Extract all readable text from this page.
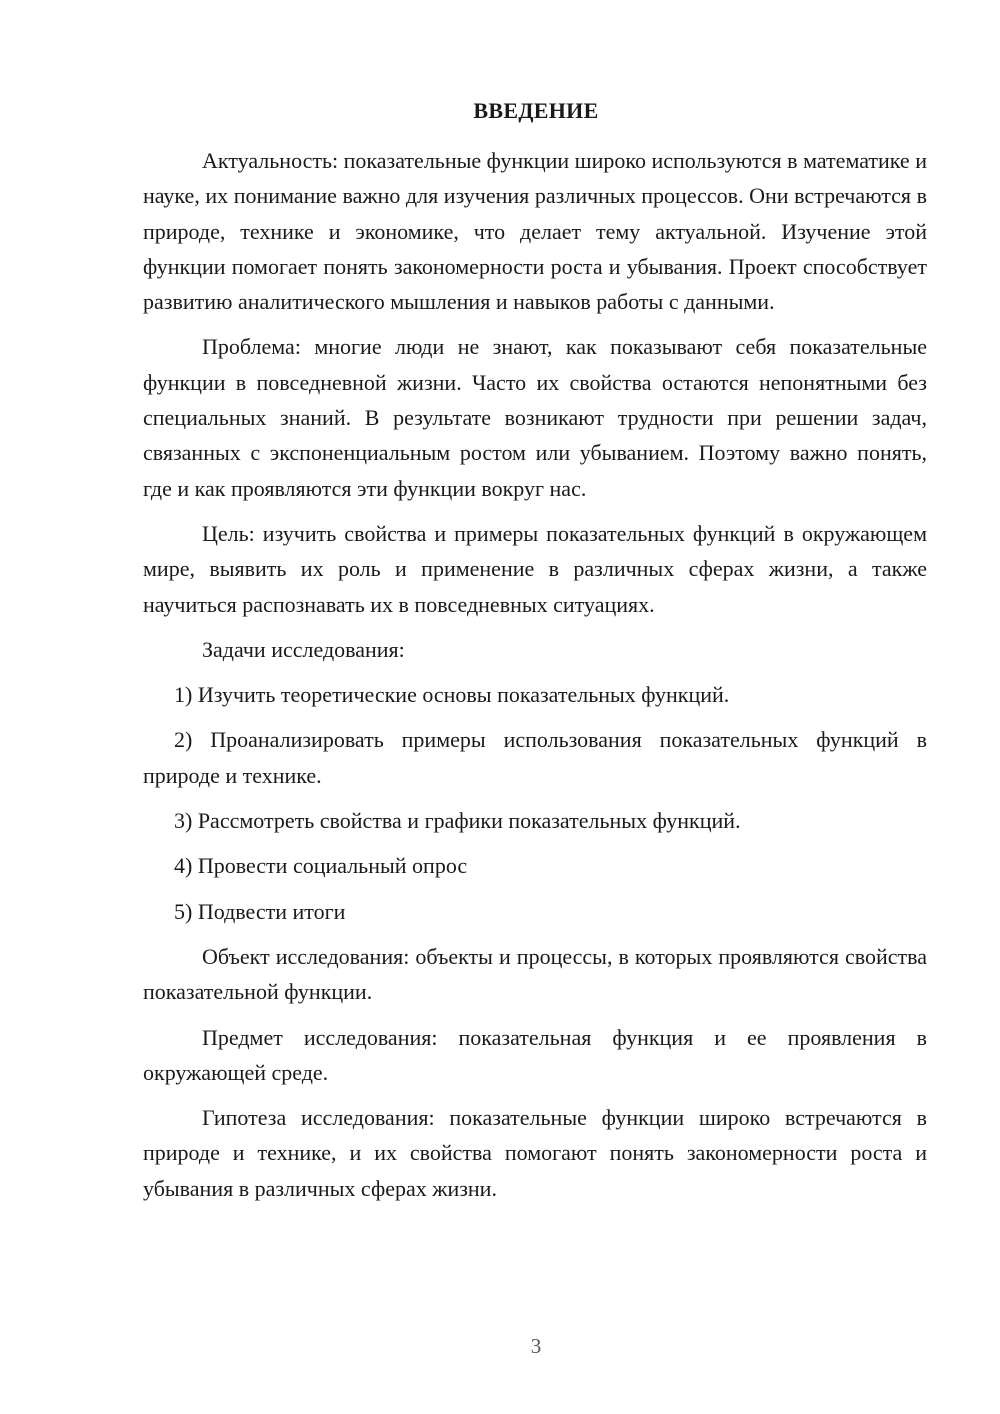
ВВЕДЕНИЕ

Актуальность: показательные функции широко используются в математике и науке, их понимание важно для изучения различных процессов. Они встречаются в природе, технике и экономике, что делает тему актуальной. Изучение этой функции помогает понять закономерности роста и убывания. Проект способствует развитию аналитического мышления и навыков работы с данными.

Проблема: многие люди не знают, как показывают себя показательные функции в повседневной жизни. Часто их свойства остаются непонятными без специальных знаний. В результате возникают трудности при решении задач, связанных с экспоненциальным ростом или убыванием. Поэтому важно понять, где и как проявляются эти функции вокруг нас.

Цель: изучить свойства и примеры показательных функций в окружающем мире, выявить их роль и применение в различных сферах жизни, а также научиться распознавать их в повседневных ситуациях.

Задачи исследования:

1) Изучить теоретические основы показательных функций.

2) Проанализировать примеры использования показательных функций в природе и технике.

3) Рассмотреть свойства и графики показательных функций.

4) Провести социальный опрос

5) Подвести итоги

Объект исследования: объекты и процессы, в которых проявляются свойства показательной функции.

Предмет исследования: показательная функция и ее проявления в окружающей среде.

Гипотеза исследования: показательные функции широко встречаются в природе и технике, и их свойства помогают понять закономерности роста и убывания в различных сферах жизни.

3
